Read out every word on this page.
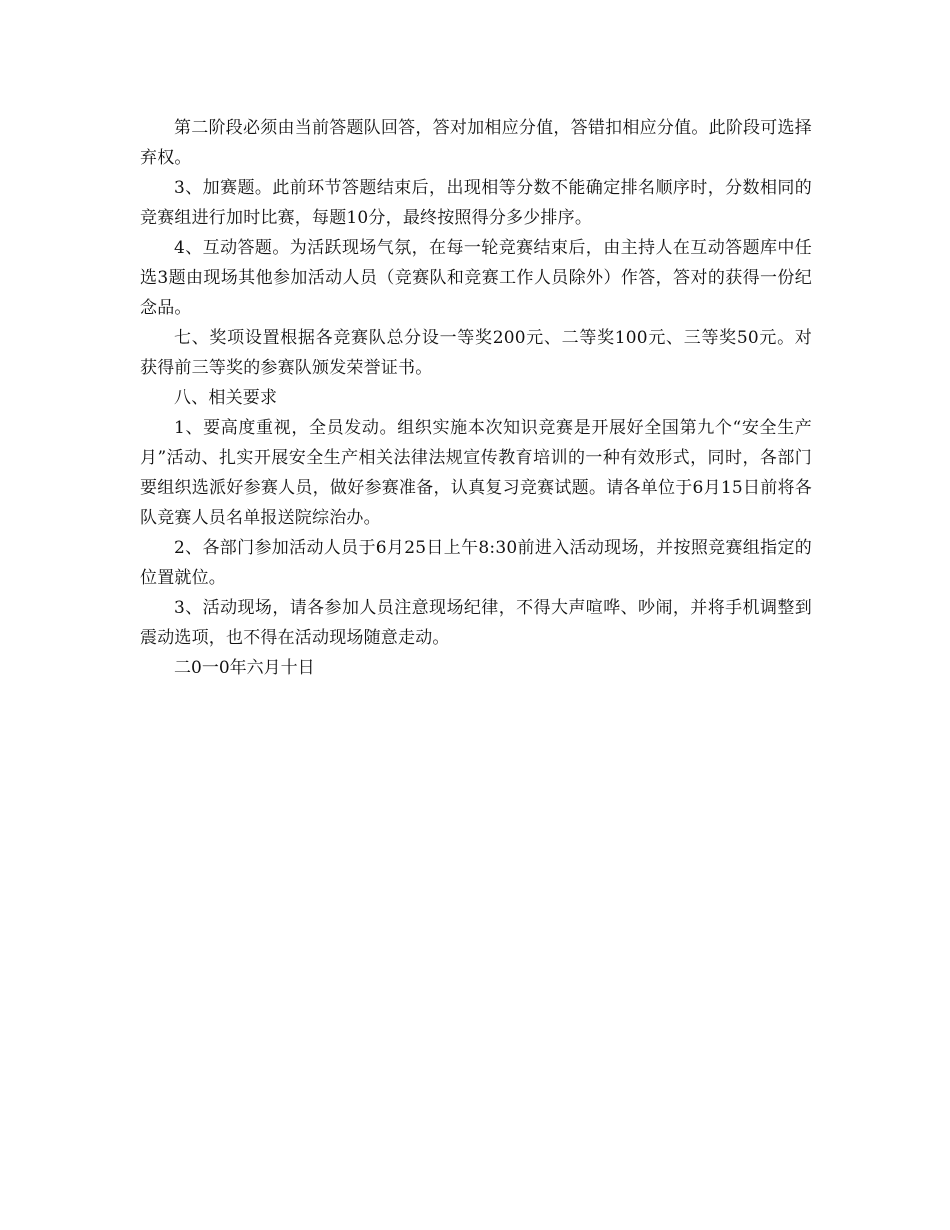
第二阶段必须由当前答题队回答，答对加相应分值，答错扣相应分值。此阶段可选择弃权。

3、加赛题。此前环节答题结束后，出现相等分数不能确定排名顺序时，分数相同的竞赛组进行加时比赛，每题10分，最终按照得分多少排序。

4、互动答题。为活跃现场气氛，在每一轮竞赛结束后，由主持人在互动答题库中任选3题由现场其他参加活动人员（竞赛队和竞赛工作人员除外）作答，答对的获得一份纪念品。

七、奖项设置根据各竞赛队总分设一等奖200元、二等奖100元、三等奖50元。对获得前三等奖的参赛队颁发荣誉证书。

八、相关要求

1、要高度重视，全员发动。组织实施本次知识竞赛是开展好全国第九个“安全生产月”活动、扎实开展安全生产相关法律法规宣传教育培训的一种有效形式，同时，各部门要组织选派好参赛人员，做好参赛准备，认真复习竞赛试题。请各单位于6月15日前将各队竞赛人员名单报送院综治办。

2、各部门参加活动人员于6月25日上午8:30前进入活动现场，并按照竞赛组指定的位置就位。

3、活动现场，请各参加人员注意现场纪律，不得大声喧哗、吵闹，并将手机调整到震动选项，也不得在活动现场随意走动。

二0一0年六月十日
